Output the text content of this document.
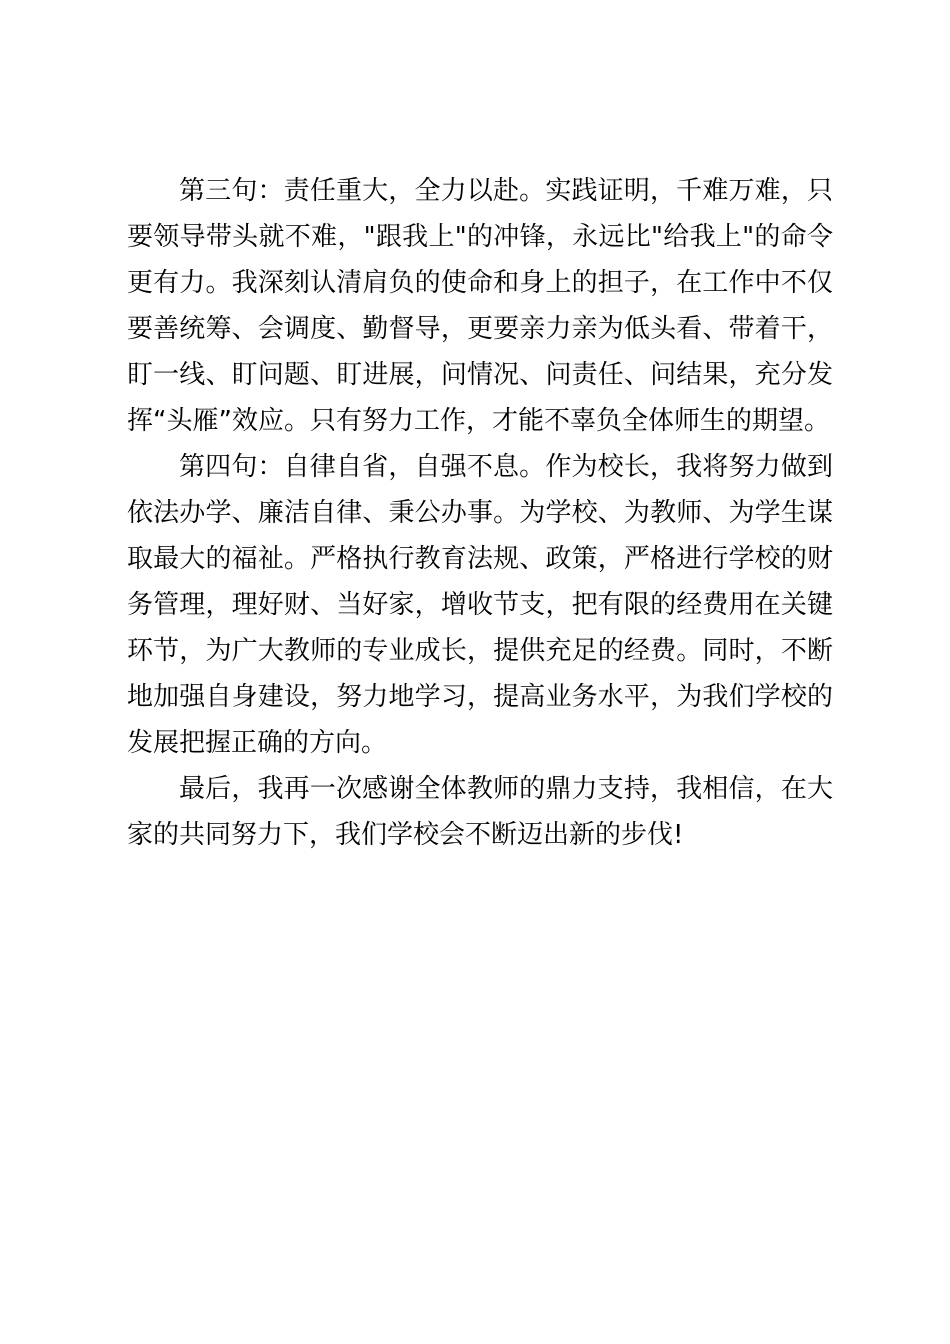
第三句：责任重大，全力以赴。实践证明，千难万难，只要领导带头就不难，"跟我上"的冲锋，永远比"给我上"的命令更有力。我深刻认清肩负的使命和身上的担子，在工作中不仅要善统筹、会调度、勤督导，更要亲力亲为低头看、带着干，盯一线、盯问题、盯进展，问情况、问责任、问结果，充分发挥“头雁”效应。只有努力工作，才能不辜负全体师生的期望。

第四句：自律自省，自强不息。作为校长，我将努力做到依法办学、廉洁自律、秉公办事。为学校、为教师、为学生谋取最大的福祉。严格执行教育法规、政策，严格进行学校的财务管理，理好财、当好家，增收节支，把有限的经费用在关键环节，为广大教师的专业成长，提供充足的经费。同时，不断地加强自身建设，努力地学习，提高业务水平，为我们学校的发展把握正确的方向。

最后，我再一次感谢全体教师的鼎力支持，我相信，在大家的共同努力下，我们学校会不断迈出新的步伐!
